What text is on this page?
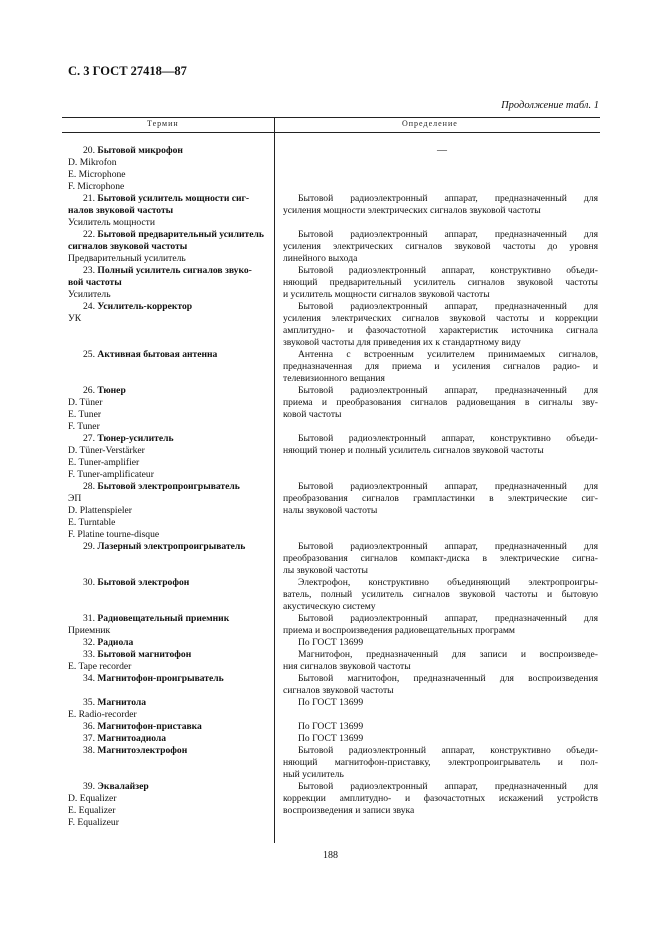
С. 3 ГОСТ 27418—87
Продолжение табл. 1
Термин	Определение
—
20. Бытовой микрофон
D. Mikrofon
E. Microphone
F. Microphone
21. Бытовой усилитель мощности сиг-
налов звуковой частоты
Усилитель мощности
22. Бытовой предварительный усилитель
сигналов звуковой частоты
Предварительный усилитель
23. Полный усилитель сигналов звуко-
вой частоты
Усилитель
24. Усилитель-корректор
УК
25. Активная бытовая антенна
26. Тюнер
D. Tüner
E. Tuner
F. Tuner
27. Тюнер-усилитель
D. Tüner-Verstärker
E. Tuner-amplifier
F. Tuner-amplificateur
28. Бытовой электропроигрыватель
ЭП
D. Plattenspieler
E. Turntable
F. Platine tourne-disque
29. Лазерный электропроигрыватель
30. Бытовой электрофон
31. Радиовещательный приемник
Приемник
32. Радиола
33. Бытовой магнитофон
E. Tape recorder
34. Магнитофон-проигрыватель
35. Магнитола
E. Radio-recorder
36. Магнитофон-приставка
37. Магнитоадиола
38. Магнитоэлектрофон
39. Эквалайзер
D. Equalizer
E. Equalizer
F. Equalizeur
Бытовой радиоэлектронный аппарат, предназначенный для
усиления мощности электрических сигналов звуковой частоты
Бытовой радиоэлектронный аппарат, предназначенный для
усиления электрических сигналов звуковой частоты до уровня
линейного выхода
Бытовой радиоэлектронный аппарат, конструктивно объеди-
няющий предварительный усилитель сигналов звуковой частоты
и усилитель мощности сигналов звуковой частоты
Бытовой радиоэлектронный аппарат, предназначенный для
усиления электрических сигналов звуковой частоты и коррекции
амплитудно- и фазочастотной характеристик источника сигнала
звуковой частоты для приведения их к стандартному виду
Антенна с встроенным усилителем принимаемых сигналов,
предназначенная для приема и усиления сигналов радио- и
телевизионного вещания
Бытовой радиоэлектронный аппарат, предназначенный для
приема и преобразования сигналов радиовещания в сигналы зву-
ковой частоты
Бытовой радиоэлектронный аппарат, конструктивно объеди-
няющий тюнер и полный усилитель сигналов звуковой частоты
Бытовой радиоэлектронный аппарат, предназначенный для
преобразования сигналов грампластинки в электрические сиг-
налы звуковой частоты
Бытовой радиоэлектронный аппарат, предназначенный для
преобразования сигналов компакт-диска в электрические сигна-
лы звуковой частоты
Электрофон, конструктивно объединяющий электропроигры-
ватель, полный усилитель сигналов звуковой частоты и бытовую
акустическую систему
Бытовой радиоэлектронный аппарат, предназначенный для
приема и воспроизведения радиовещательных программ
По ГОСТ 13699
Магнитофон, предназначенный для записи и воспроизведе-
ния сигналов звуковой частоты
Бытовой магнитофон, предназначенный для воспроизведения
сигналов звуковой частоты
По ГОСТ 13699
По ГОСТ 13699
По ГОСТ 13699
Бытовой радиоэлектронный аппарат, конструктивно объеди-
няющий магнитофон-приставку, электропроигрыватель и пол-
ный усилитель
Бытовой радиоэлектронный аппарат, предназначенный для
коррекции амплитудно- и фазочастотных искажений устройств
воспроизведения и записи звука
188
